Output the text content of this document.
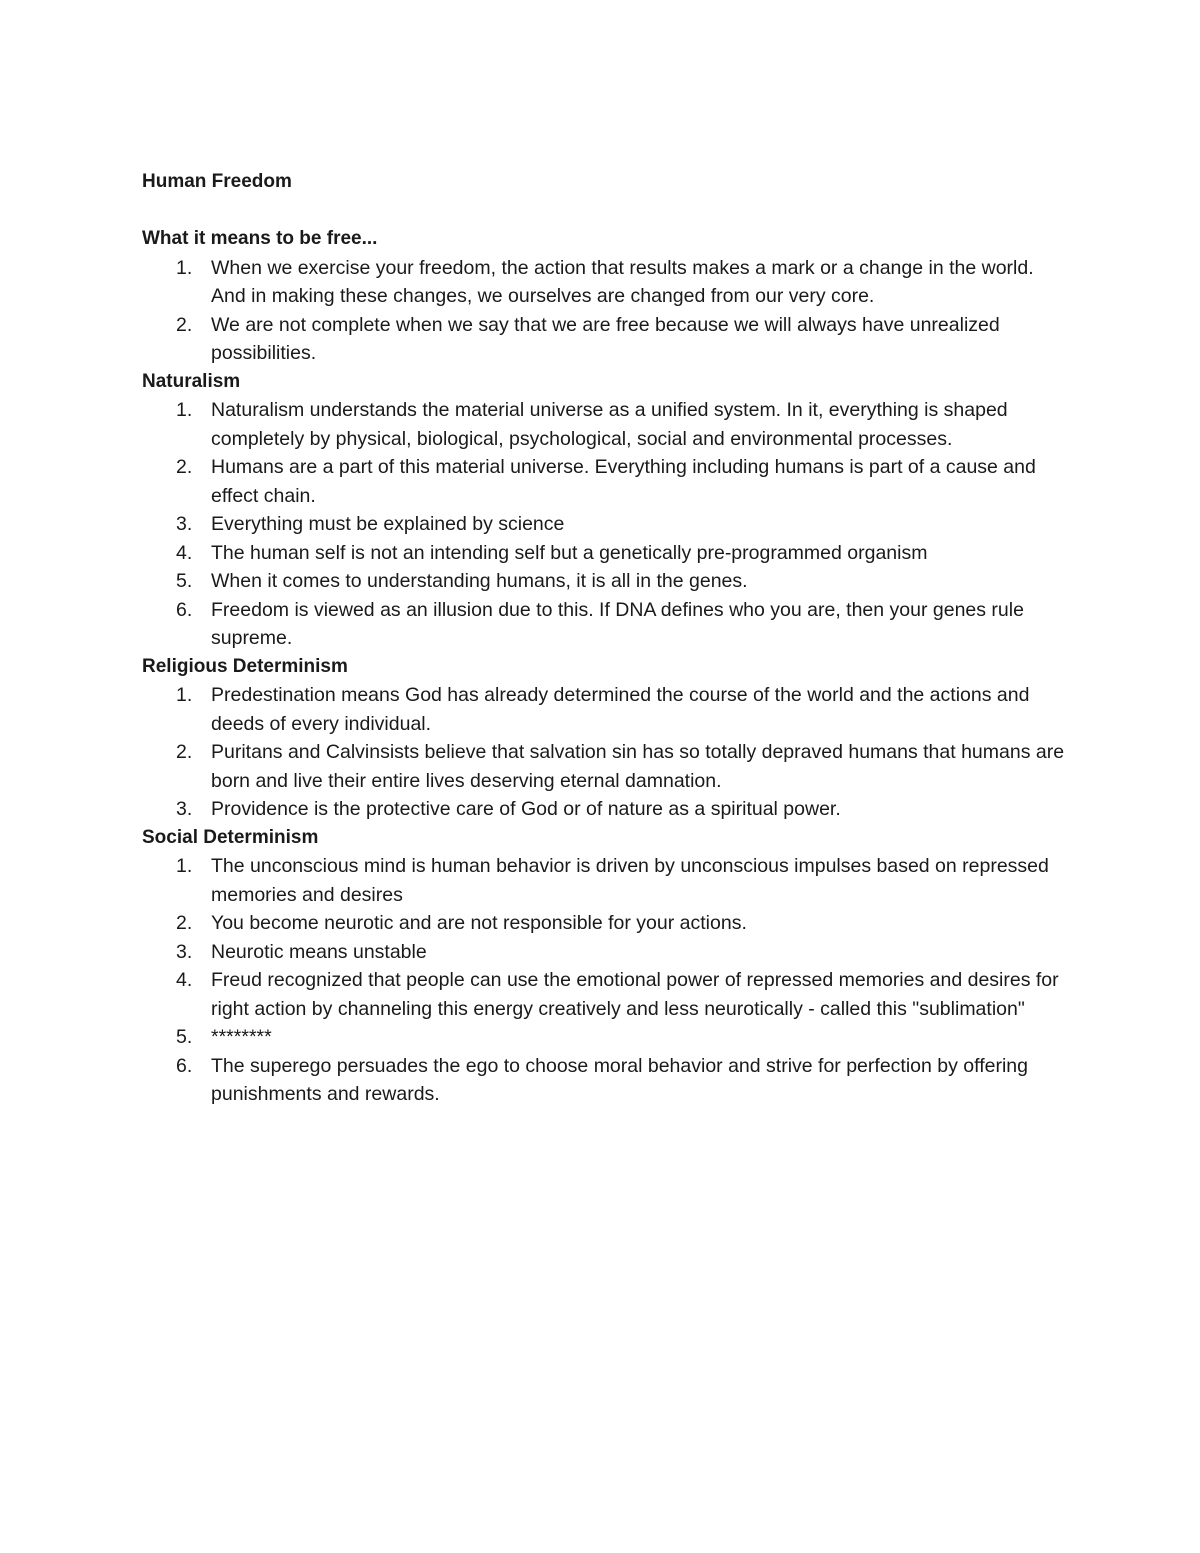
Human Freedom
What it means to be free...
1. When we exercise your freedom, the action that results makes a mark or a change in the world. And in making these changes, we ourselves are changed from our very core.
2. We are not complete when we say that we are free because we will always have unrealized possibilities.
Naturalism
1. Naturalism understands the material universe as a unified system. In it, everything is shaped completely by physical, biological, psychological, social and environmental processes.
2. Humans are a part of this material universe. Everything including humans is part of a cause and effect chain.
3. Everything must be explained by science
4. The human self is not an intending self but a genetically pre-programmed organism
5. When it comes to understanding humans, it is all in the genes.
6. Freedom is viewed as an illusion due to this. If DNA defines who you are, then your genes rule supreme.
Religious Determinism
1. Predestination means God has already determined the course of the world and the actions and deeds of every individual.
2. Puritans and Calvinsists believe that salvation sin has so totally depraved humans that humans are born and live their entire lives deserving eternal damnation.
3. Providence is the protective care of God or of nature as a spiritual power.
Social Determinism
1. The unconscious mind is human behavior is driven by unconscious impulses based on repressed memories and desires
2. You become neurotic and are not responsible for your actions.
3. Neurotic means unstable
4. Freud recognized that people can use the emotional power of repressed memories and desires for right action by channeling this energy creatively and less neurotically - called this "sublimation"
5. ********
6. The superego persuades the ego to choose moral behavior and strive for perfection by offering punishments and rewards.
